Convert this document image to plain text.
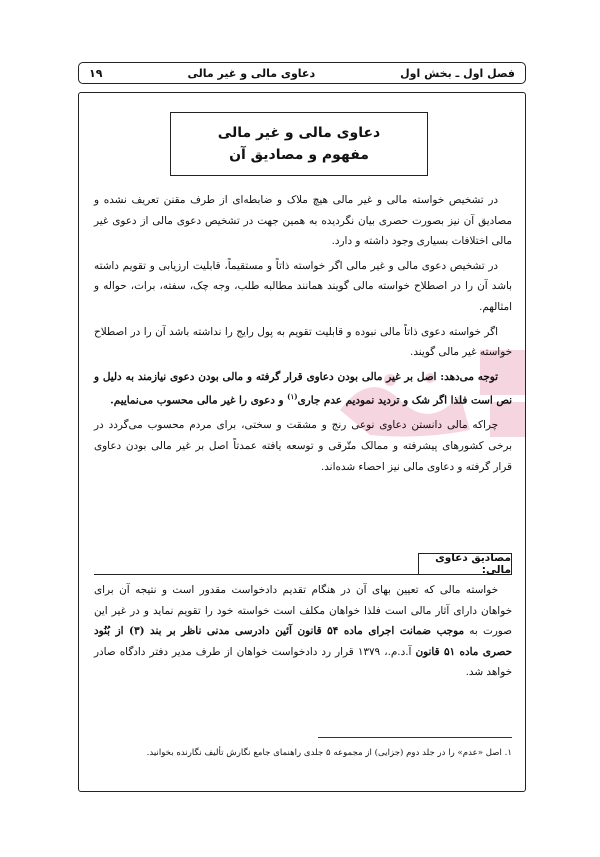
فصل اول ـ بخش اول
دعاوی مالی و غیر مالی
۱۹
دعاوی مالی و غیر مالی
مفهوم و مصادیق آن

در تشخیص خواسته مالی و غیر مالی هیچ ملاک و ضابطه‌ای از طرف مقنن تعریف نشده و مصادیق آن نیز بصورت حصری بیان نگردیده به همین جهت در تشخیص دعوی مالی از دعوی غیر مالی اختلافات بسیاری وجود داشته و دارد.

در تشخیص دعوی مالی و غیر مالی اگر خواسته ذاتاً و مستقیماً، قابلیت ارزیابی و تقویم داشته باشد آن را در اصطلاح خواسته مالی گویند همانند مطالبه طلب، وجه چک، سفته، برات، حواله و امثالهم.

اگر خواسته دعوی ذاتاً مالی نبوده و قابلیت تقویم به پول رایج را نداشته باشد آن را در اصطلاح خواسته غیر مالی گویند.

توجه می‌دهد: اصل بر غیر مالی بودن دعاوی قرار گرفته و مالی بودن دعوی نیازمند به دلیل و نص است فلذا اگر شک و تردید نمودیم عدم جاری$^{(۱)}$ و دعوی را غیر مالی محسوب می‌نماییم.

چراکه مالی دانستن دعاوی نوعی رنج و مشقت و سختی، برای مردم محسوب می‌گردد در برخی کشورهای پیشرفته و ممالک متّرقی و توسعه یافته عمدتاً اصل بر غیر مالی بودن دعاوی قرار گرفته و دعاوی مالی نیز احصاء شده‌اند.

مصادیق دعاوی مالی:

خواسته مالی که تعیین بهای آن در هنگام تقدیم دادخواست مقدور است و نتیجه آن برای خواهان دارای آثار مالی است فلذا خواهان مکلف است خواسته خود را تقویم نماید و در غیر این صورت به موجب ضمانت اجرای ماده ۵۴ قانون آئین دادرسی مدنی ناظر بر بند (۳) از بُنُود حصری ماده ۵۱ قانون آ.د.م.، ۱۳۷۹ قرار رد دادخواست خواهان از طرف مدیر دفتر دادگاه صادر خواهد شد.

۱. اصل «عدم» را در جلد دوم (جزایی) از مجموعه ۵ جلدی راهنمای جامع نگارش تألیف نگارنده بخوانید.
